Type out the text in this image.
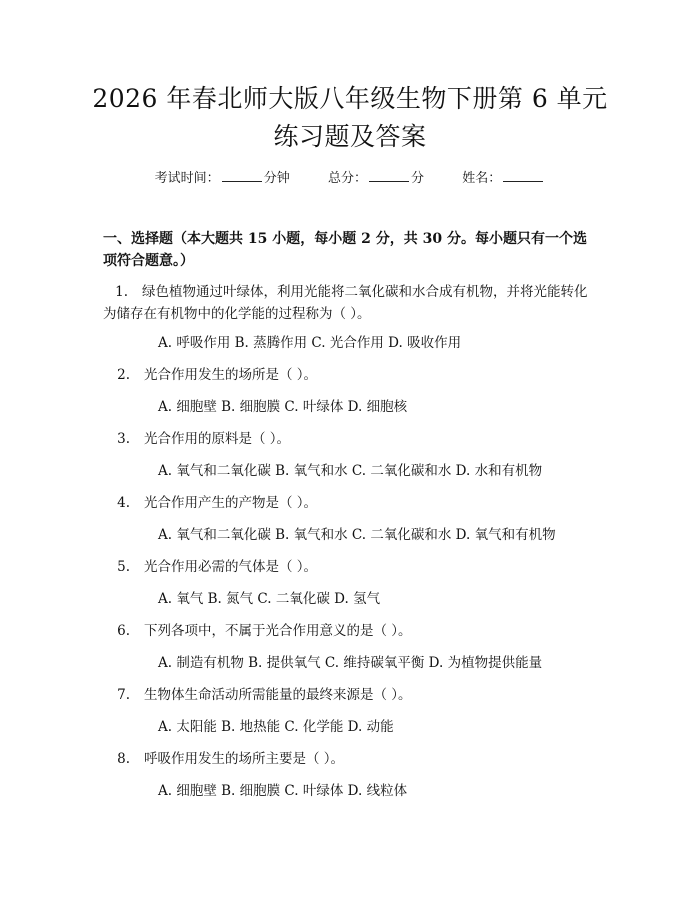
2026 年春北师大版八年级生物下册第 6 单元
练习题及答案
考试时间：	分钟	总分：	分	姓名：
一、选择题（本大题共 15 小题，每小题 2 分，共 30 分。每小题只有一个选项符合题意。）
1. 绿色植物通过叶绿体，利用光能将二氧化碳和水合成有机物，并将光能转化为储存在有机物中的化学能的过程称为（ ）。
A. 呼吸作用 B. 蒸腾作用 C. 光合作用 D. 吸收作用
2. 光合作用发生的场所是（ ）。
A. 细胞壁 B. 细胞膜 C. 叶绿体 D. 细胞核
3. 光合作用的原料是（ ）。
A. 氧气和二氧化碳 B. 氧气和水 C. 二氧化碳和水 D. 水和有机物
4. 光合作用产生的产物是（ ）。
A. 氧气和二氧化碳 B. 氧气和水 C. 二氧化碳和水 D. 氧气和有机物
5. 光合作用必需的气体是（ ）。
A. 氧气 B. 氮气 C. 二氧化碳 D. 氢气
6. 下列各项中，不属于光合作用意义的是（ ）。
A. 制造有机物 B. 提供氧气 C. 维持碳氧平衡 D. 为植物提供能量
7. 生物体生命活动所需能量的最终来源是（ ）。
A. 太阳能 B. 地热能 C. 化学能 D. 动能
8. 呼吸作用发生的场所主要是（ ）。
A. 细胞壁 B. 细胞膜 C. 叶绿体 D. 线粒体
